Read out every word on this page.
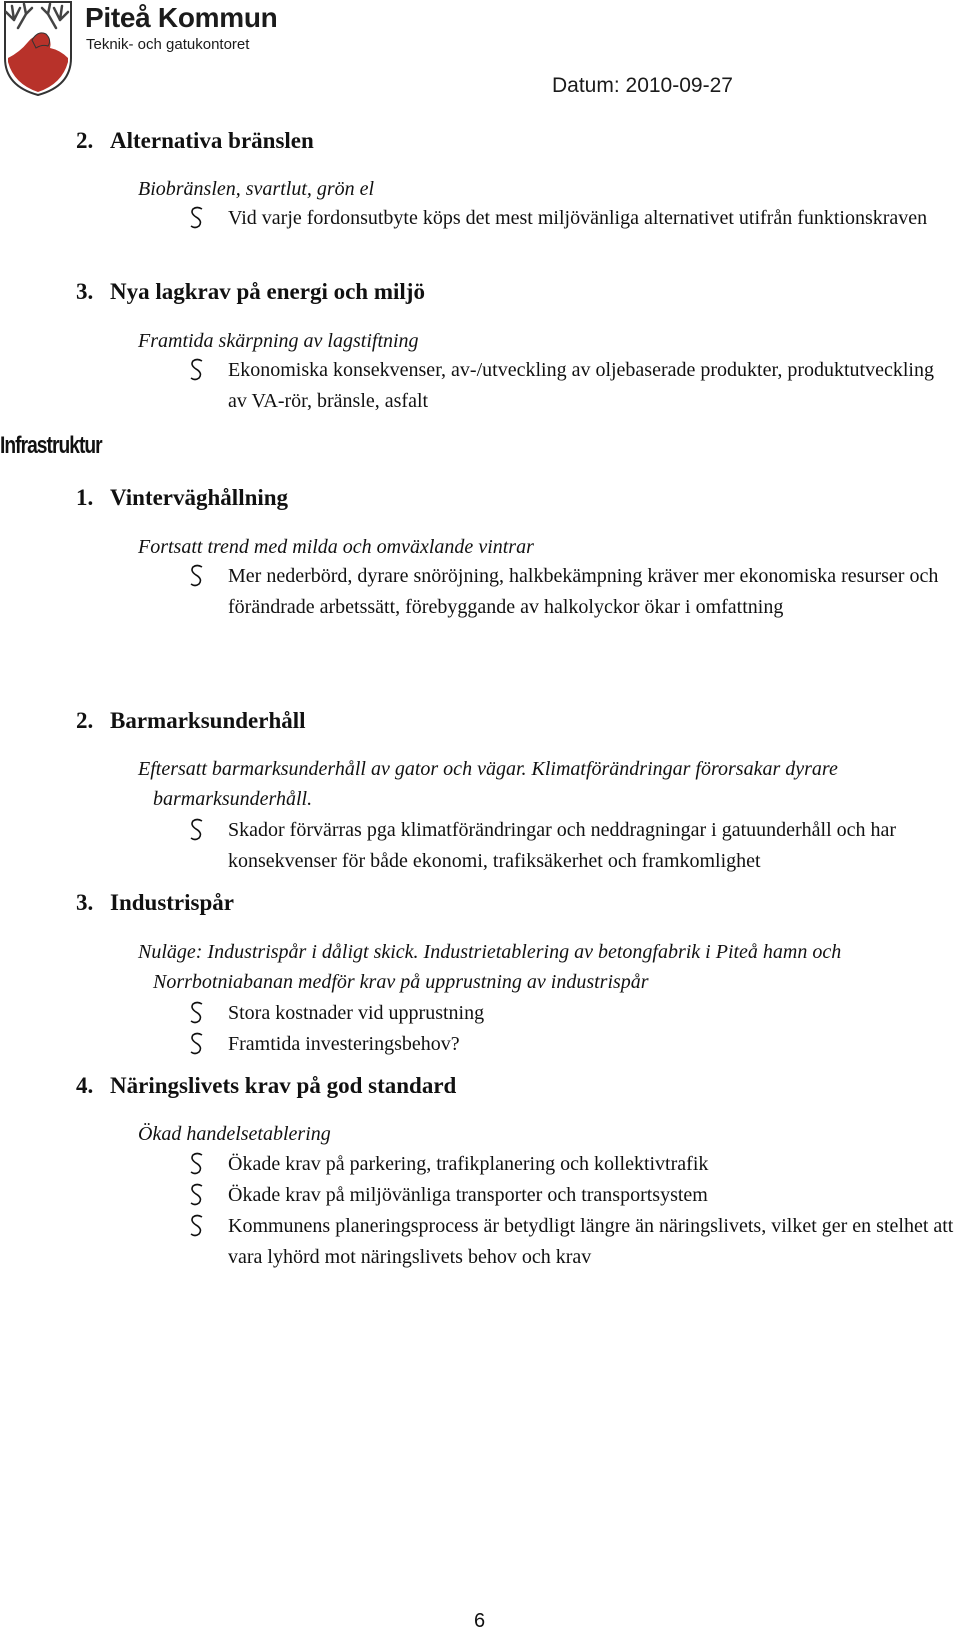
Piteå Kommun
Teknik- och gatukontoret
Datum: 2010-09-27
2. Alternativa bränslen
Biobränslen, svartlut, grön el
Vid varje fordonsutbyte köps det mest miljövänliga alternativet utifrån funktionskraven
3. Nya lagkrav på energi och miljö
Framtida skärpning av lagstiftning
Ekonomiska konsekvenser, av-/utveckling av oljebaserade produkter, produktutveckling av VA-rör, bränsle, asfalt
Infrastruktur
1. Vinterväghållning
Fortsatt trend med milda och omväxlande vintrar
Mer nederbörd, dyrare snöröjning, halkbekämpning kräver mer ekonomiska resurser och förändrade arbetssätt, förebyggande av halkolyckor ökar i omfattning
2. Barmarksunderhåll
Eftersatt barmarksunderhåll av gator och vägar. Klimatförändringar förorsakar dyrare
barmarksunderhåll.
Skador förvärras pga klimatförändringar och neddragningar i gatuunderhåll och har konsekvenser för både ekonomi, trafiksäkerhet och framkomlighet
3. Industrispår
Nuläge: Industrispår i dåligt skick. Industrietablering av betongfabrik i Piteå hamn och
Norrbotniabanan medför krav på upprustning av industrispår
Stora kostnader vid upprustning
Framtida investeringsbehov?
4. Näringslivets krav på god standard
Ökad handelsetablering
Ökade krav på parkering, trafikplanering och kollektivtrafik
Ökade krav på miljövänliga transporter och transportsystem
Kommunens planeringsprocess är betydligt längre än näringslivets, vilket ger en stelhet att vara lyhörd mot näringslivets behov och krav
6
